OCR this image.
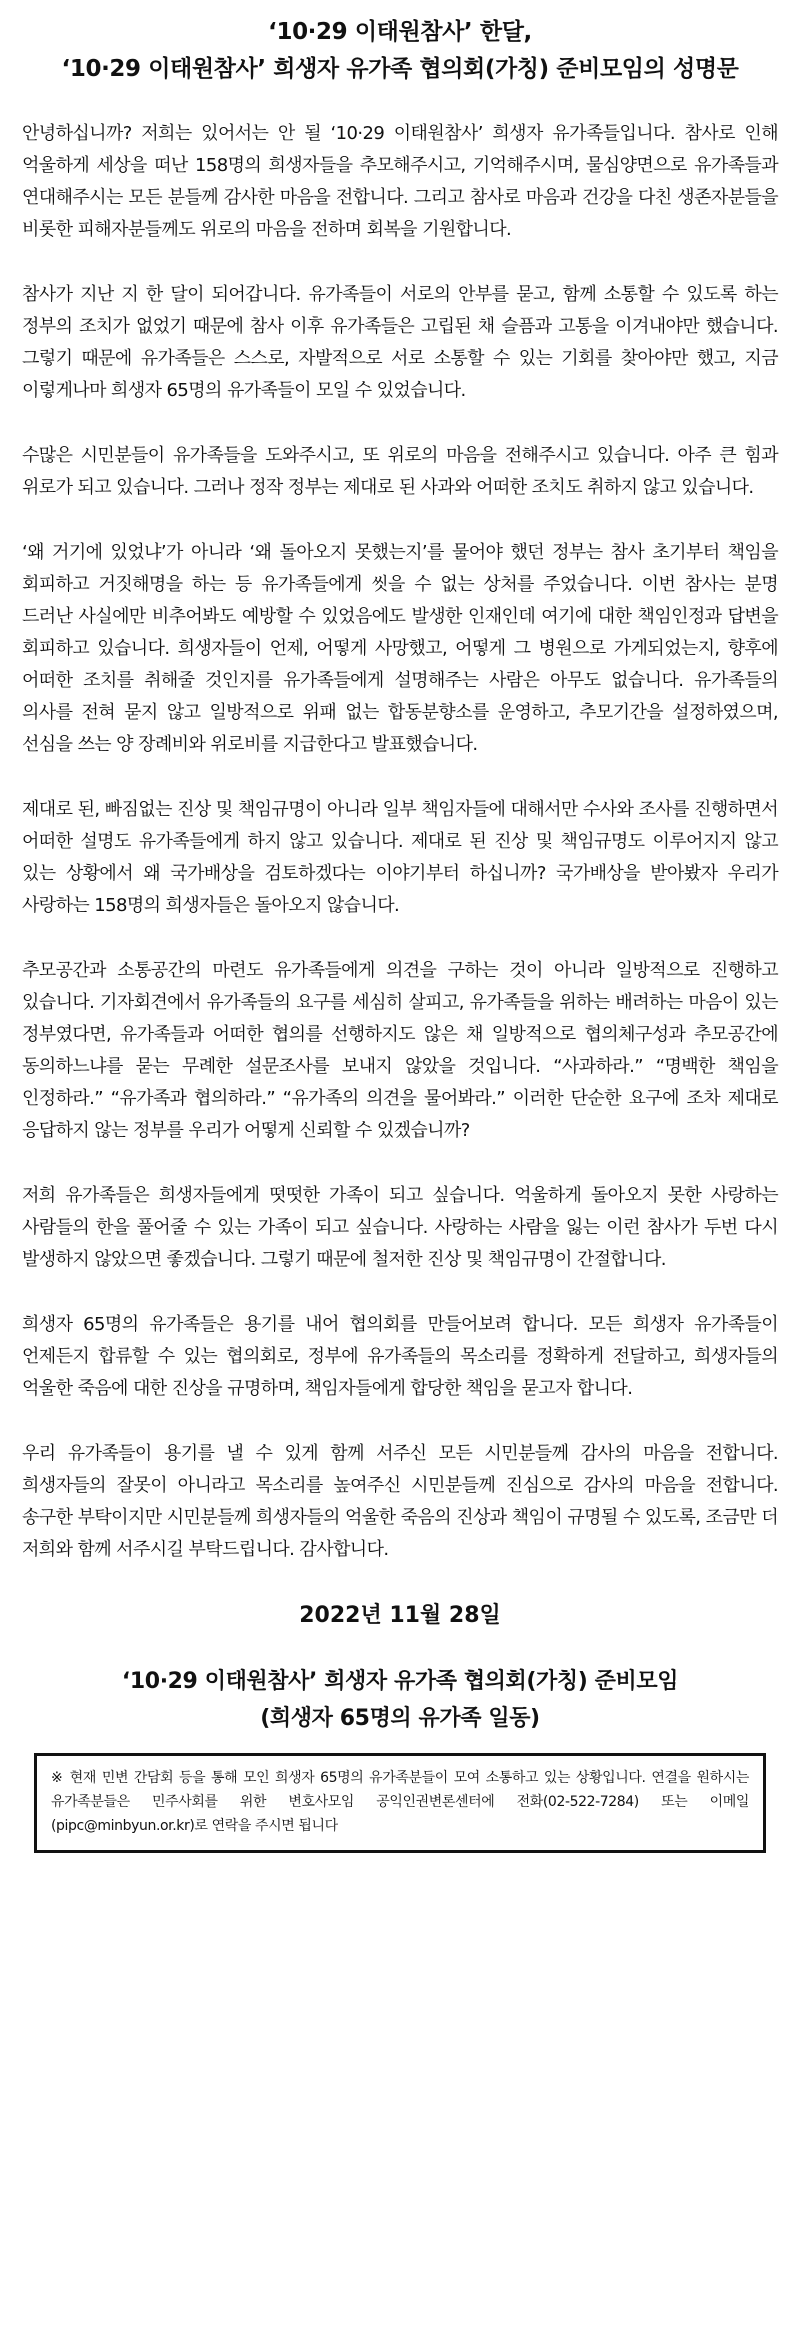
‘10·29 이태원참사’ 한달,
‘10·29 이태원참사’ 희생자 유가족 협의회(가칭) 준비모임의 성명문

안녕하십니까? 저희는 있어서는 안 될 ‘10·29 이태원참사’ 희생자 유가족들입니다. 참사로 인해 억울하게 세상을 떠난 158명의 희생자들을 추모해주시고, 기억해주시며, 물심양면으로 유가족들과 연대해주시는 모든 분들께 감사한 마음을 전합니다. 그리고 참사로 마음과 건강을 다친 생존자분들을 비롯한 피해자분들께도 위로의 마음을 전하며 회복을 기원합니다.

참사가 지난 지 한 달이 되어갑니다. 유가족들이 서로의 안부를 묻고, 함께 소통할 수 있도록 하는 정부의 조치가 없었기 때문에 참사 이후 유가족들은 고립된 채 슬픔과 고통을 이겨내야만 했습니다. 그렇기 때문에 유가족들은 스스로, 자발적으로 서로 소통할 수 있는 기회를 찾아야만 했고, 지금 이렇게나마 희생자 65명의 유가족들이 모일 수 있었습니다.

수많은 시민분들이 유가족들을 도와주시고, 또 위로의 마음을 전해주시고 있습니다. 아주 큰 힘과 위로가 되고 있습니다. 그러나 정작 정부는 제대로 된 사과와 어떠한 조치도 취하지 않고 있습니다.

‘왜 거기에 있었냐’가 아니라 ‘왜 돌아오지 못했는지’를 물어야 했던 정부는 참사 초기부터 책임을 회피하고 거짓해명을 하는 등 유가족들에게 씻을 수 없는 상처를 주었습니다. 이번 참사는 분명 드러난 사실에만 비추어봐도 예방할 수 있었음에도 발생한 인재인데 여기에 대한 책임인정과 답변을 회피하고 있습니다. 희생자들이 언제, 어떻게 사망했고, 어떻게 그 병원으로 가게되었는지, 향후에 어떠한 조치를 취해줄 것인지를 유가족들에게 설명해주는 사람은 아무도 없습니다. 유가족들의 의사를 전혀 묻지 않고 일방적으로 위패 없는 합동분향소를 운영하고, 추모기간을 설정하였으며, 선심을 쓰는 양 장례비와 위로비를 지급한다고 발표했습니다.

제대로 된, 빠짐없는 진상 및 책임규명이 아니라 일부 책임자들에 대해서만 수사와 조사를 진행하면서 어떠한 설명도 유가족들에게 하지 않고 있습니다. 제대로 된 진상 및 책임규명도 이루어지지 않고 있는 상황에서 왜 국가배상을 검토하겠다는 이야기부터 하십니까? 국가배상을 받아봤자 우리가 사랑하는 158명의 희생자들은 돌아오지 않습니다.

추모공간과 소통공간의 마련도 유가족들에게 의견을 구하는 것이 아니라 일방적으로 진행하고 있습니다. 기자회견에서 유가족들의 요구를 세심히 살피고, 유가족들을 위하는 배려하는 마음이 있는 정부였다면, 유가족들과 어떠한 협의를 선행하지도 않은 채 일방적으로 협의체구성과 추모공간에 동의하느냐를 묻는 무례한 설문조사를 보내지 않았을 것입니다. “사과하라.” “명백한 책임을 인정하라.” “유가족과 협의하라.” “유가족의 의견을 물어봐라.” 이러한 단순한 요구에 조차 제대로 응답하지 않는 정부를 우리가 어떻게 신뢰할 수 있겠습니까?

저희 유가족들은 희생자들에게 떳떳한 가족이 되고 싶습니다. 억울하게 돌아오지 못한 사랑하는 사람들의 한을 풀어줄 수 있는 가족이 되고 싶습니다. 사랑하는 사람을 잃는 이런 참사가 두번 다시 발생하지 않았으면 좋겠습니다. 그렇기 때문에 철저한 진상 및 책임규명이 간절합니다.

희생자 65명의 유가족들은 용기를 내어 협의회를 만들어보려 합니다. 모든 희생자 유가족들이 언제든지 합류할 수 있는 협의회로, 정부에 유가족들의 목소리를 정확하게 전달하고, 희생자들의 억울한 죽음에 대한 진상을 규명하며, 책임자들에게 합당한 책임을 묻고자 합니다.

우리 유가족들이 용기를 낼 수 있게 함께 서주신 모든 시민분들께 감사의 마음을 전합니다. 희생자들의 잘못이 아니라고 목소리를 높여주신 시민분들께 진심으로 감사의 마음을 전합니다. 송구한 부탁이지만 시민분들께 희생자들의 억울한 죽음의 진상과 책임이 규명될 수 있도록, 조금만 더 저희와 함께 서주시길 부탁드립니다. 감사합니다.

2022년 11월 28일
‘10·29 이태원참사’ 희생자 유가족 협의회(가칭) 준비모임
(희생자 65명의 유가족 일동)
※ 현재 민변 간담회 등을 통해 모인 희생자 65명의 유가족분들이 모여 소통하고 있는 상황입니다. 연결을 원하시는 유가족분들은 민주사회를 위한 변호사모임 공익인권변론센터에 전화(02-522-7284) 또는 이메일(pipc@minbyun.or.kr)로 연락을 주시면 됩니다
